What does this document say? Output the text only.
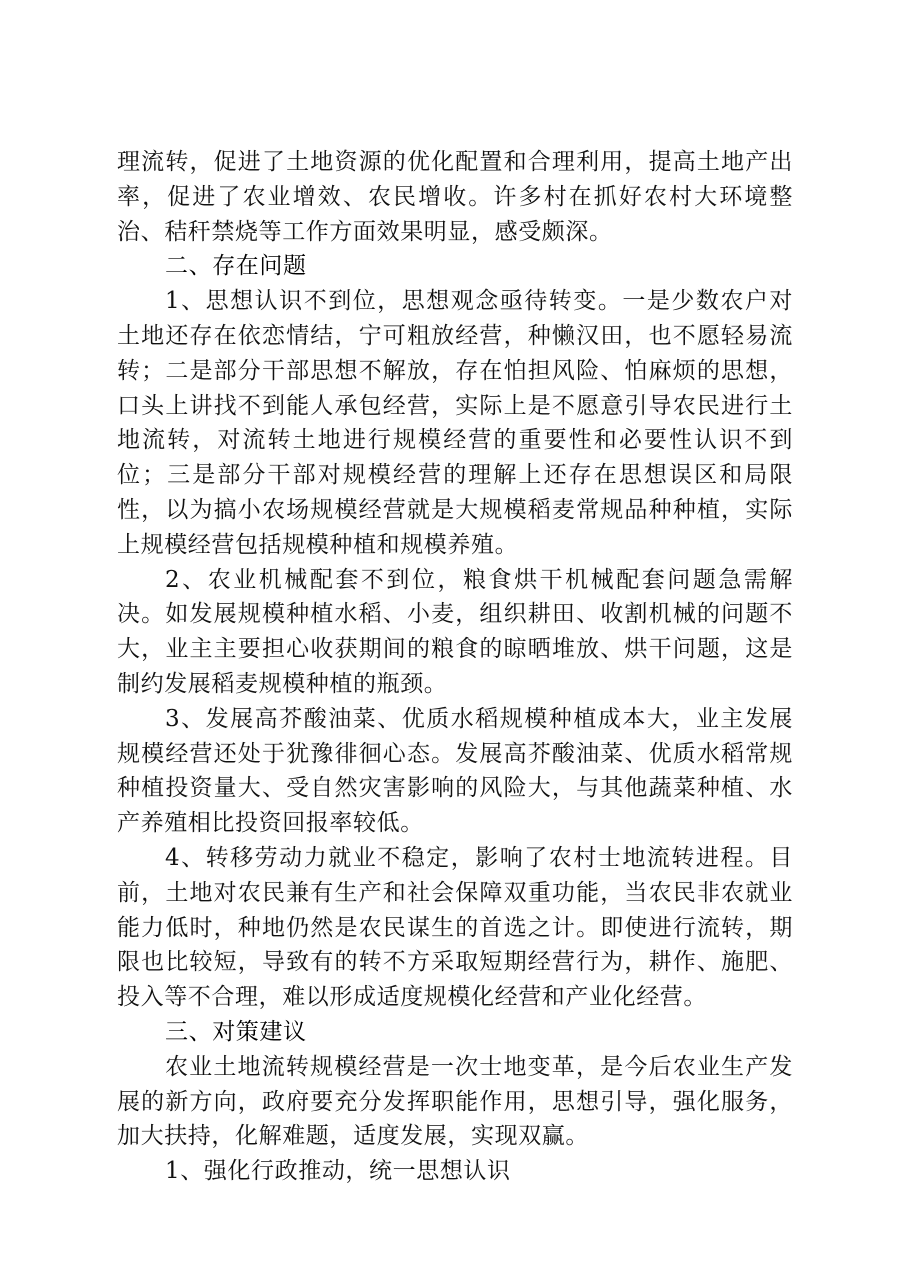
理流转，促进了土地资源的优化配置和合理利用，提高土地产出率，促进了农业增效、农民增收。许多村在抓好农村大环境整治、秸秆禁烧等工作方面效果明显，感受颇深。

二、存在问题

1、思想认识不到位，思想观念亟待转变。一是少数农户对土地还存在依恋情结，宁可粗放经营，种懒汉田，也不愿轻易流转；二是部分干部思想不解放，存在怕担风险、怕麻烦的思想，口头上讲找不到能人承包经营，实际上是不愿意引导农民进行土地流转，对流转土地进行规模经营的重要性和必要性认识不到位；三是部分干部对规模经营的理解上还存在思想误区和局限性，以为搞小农场规模经营就是大规模稻麦常规品种种植，实际上规模经营包括规模种植和规模养殖。

2、农业机械配套不到位，粮食烘干机械配套问题急需解决。如发展规模种植水稻、小麦，组织耕田、收割机械的问题不大，业主主要担心收获期间的粮食的晾晒堆放、烘干问题，这是制约发展稻麦规模种植的瓶颈。

3、发展高芥酸油菜、优质水稻规模种植成本大，业主发展规模经营还处于犹豫徘徊心态。发展高芥酸油菜、优质水稻常规种植投资量大、受自然灾害影响的风险大，与其他蔬菜种植、水产养殖相比投资回报率较低。

4、转移劳动力就业不稳定，影响了农村士地流转进程。目前，土地对农民兼有生产和社会保障双重功能，当农民非农就业能力低时，种地仍然是农民谋生的首选之计。即使进行流转，期限也比较短，导致有的转不方采取短期经营行为，耕作、施肥、投入等不合理，难以形成适度规模化经营和产业化经营。

三、对策建议

农业土地流转规模经营是一次士地变革，是今后农业生产发展的新方向，政府要充分发挥职能作用，思想引导，强化服务，加大扶持，化解难题，适度发展，实现双赢。

1、强化行政推动，统一思想认识
